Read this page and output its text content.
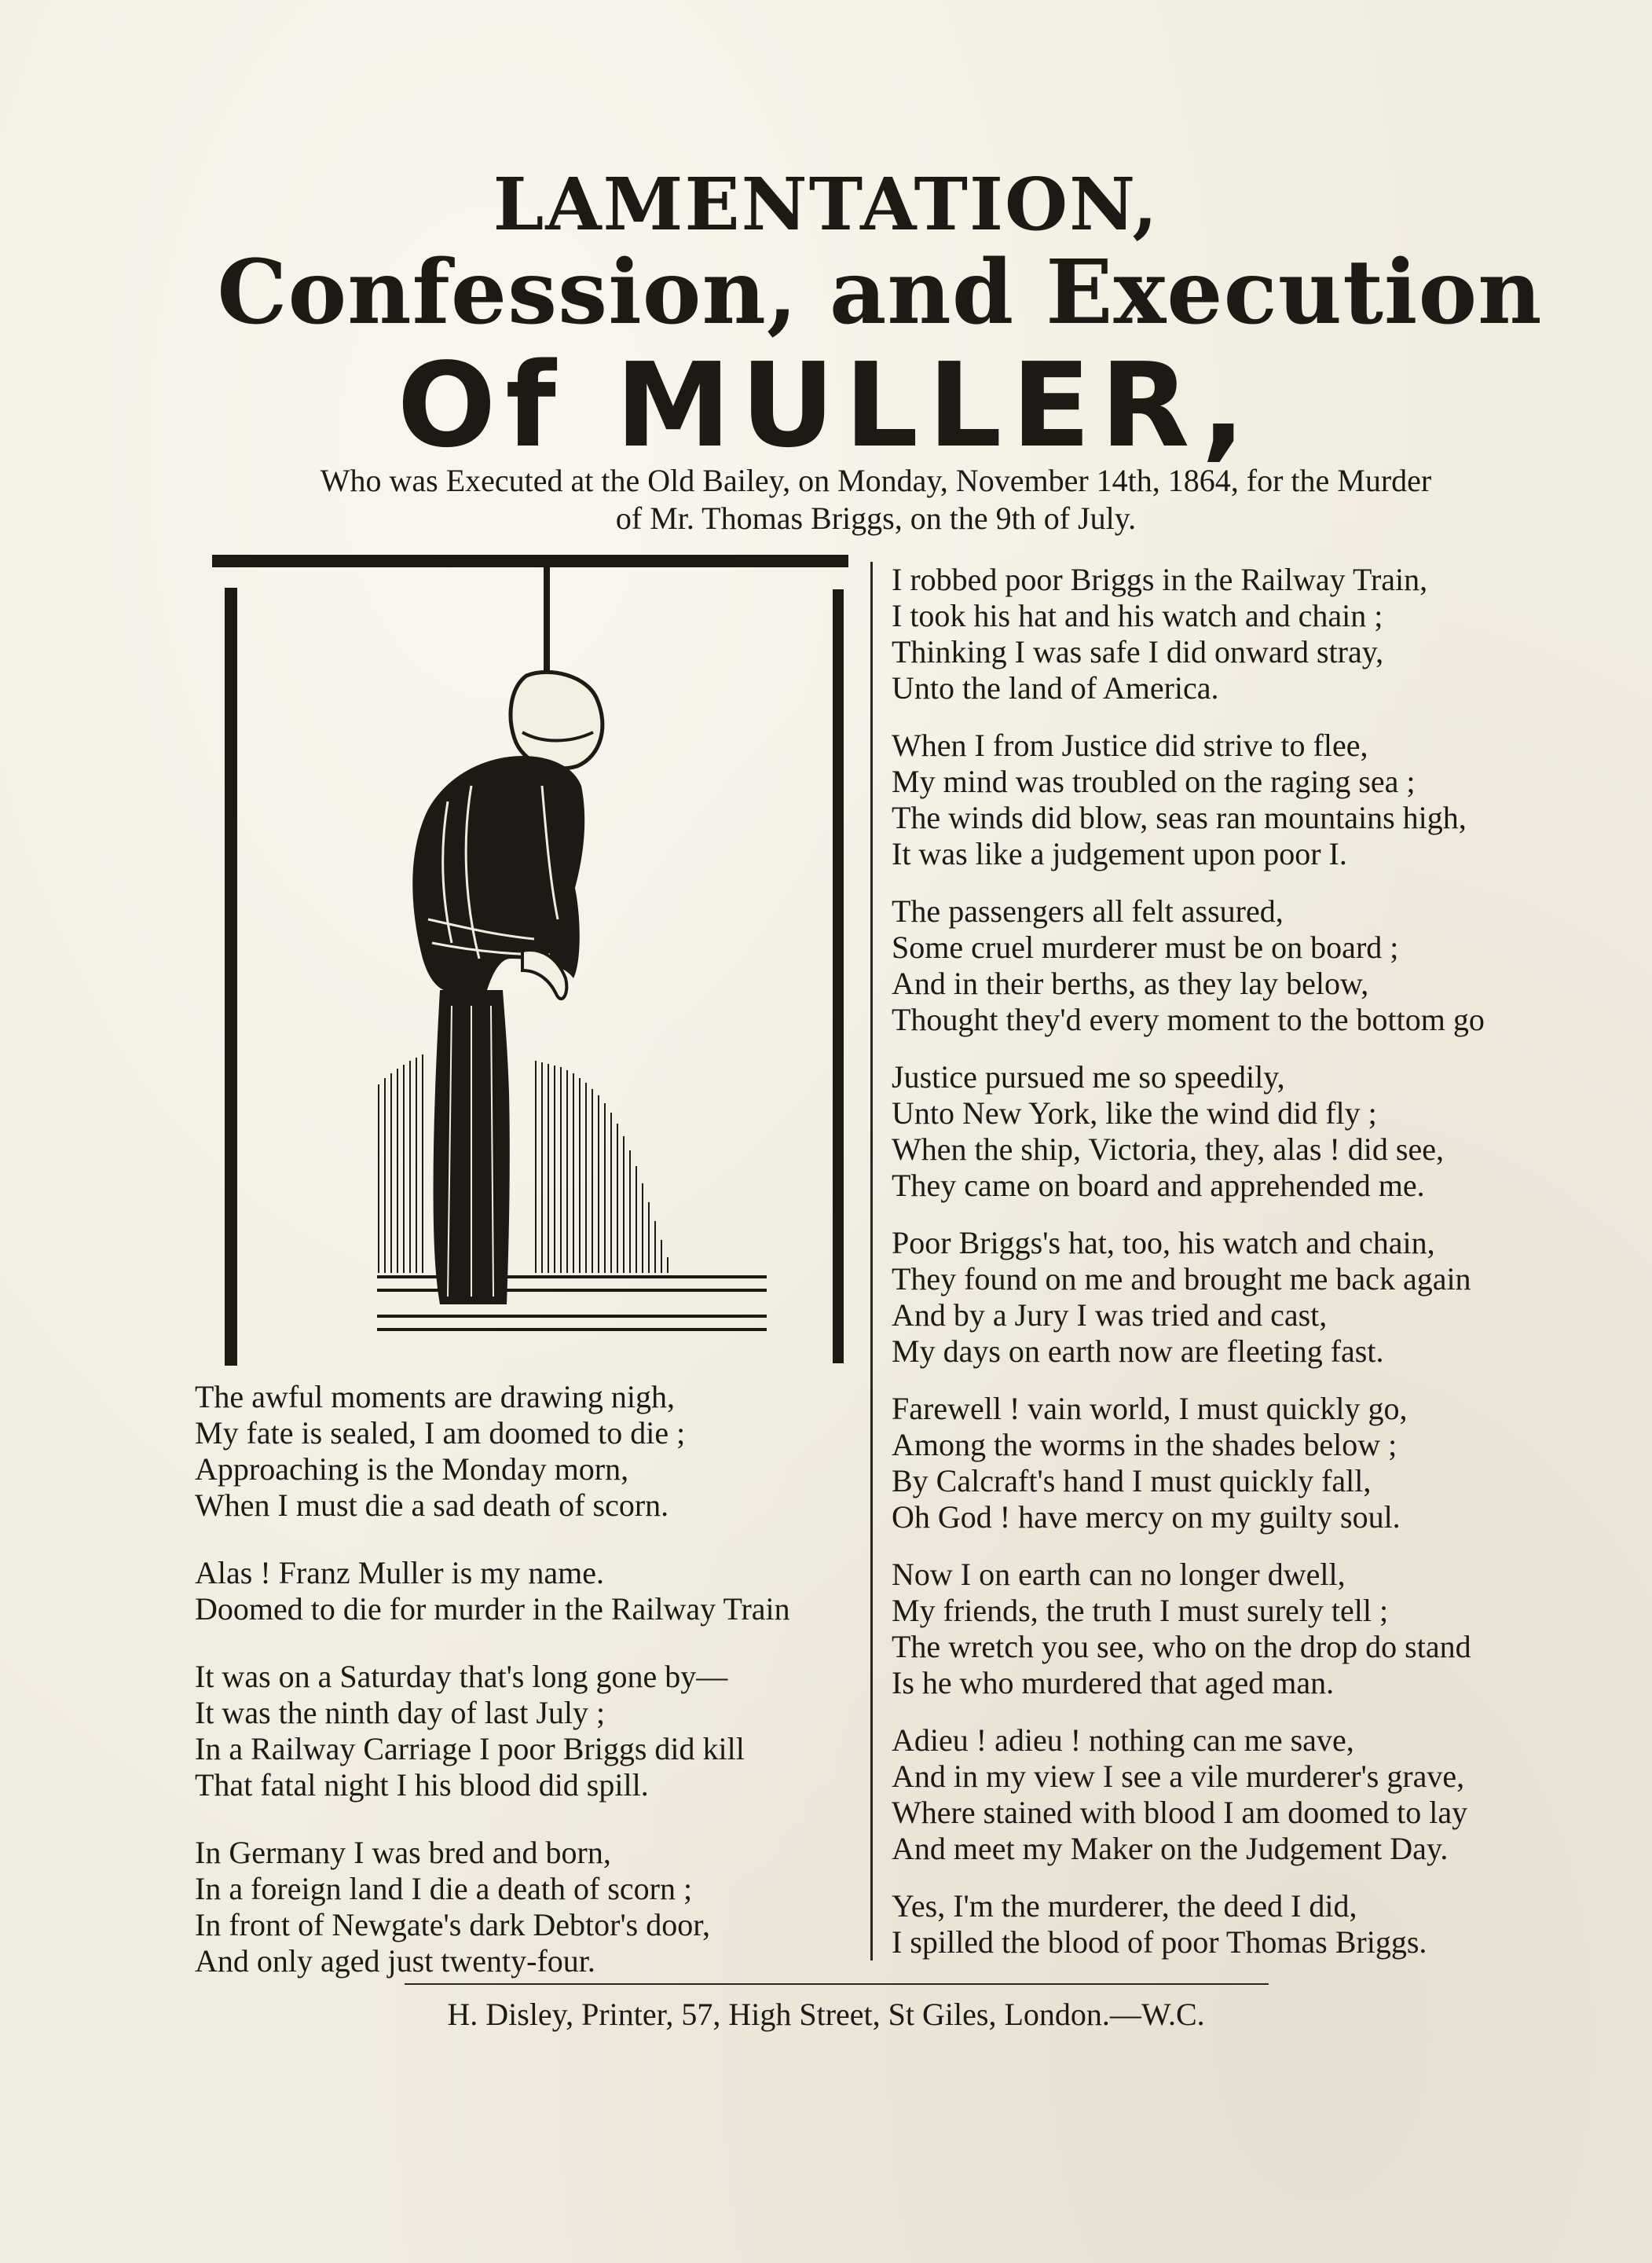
LAMENTATION,
Confession, and Execution
Of MULLER,
Who was Executed at the Old Bailey, on Monday, November 14th, 1864, for the Murder
of Mr. Thomas Briggs, on the 9th of July.
The awful moments are drawing nigh,
My fate is sealed, I am doomed to die ;
Approaching is the Monday morn,
When I must die a sad death of scorn.
Alas ! Franz Muller is my name.
Doomed to die for murder in the Railway Train
It was on a Saturday that's long gone by—
It was the ninth day of last July ;
In a Railway Carriage I poor Briggs did kill
That fatal night I his blood did spill.
In Germany I was bred and born,
In a foreign land I die a death of scorn ;
In front of Newgate's dark Debtor's door,
And only aged just twenty-four.
I robbed poor Briggs in the Railway Train,
I took his hat and his watch and chain ;
Thinking I was safe I did onward stray,
Unto the land of America.
When I from Justice did strive to flee,
My mind was troubled on the raging sea ;
The winds did blow, seas ran mountains high,
It was like a judgement upon poor I.
The passengers all felt assured,
Some cruel murderer must be on board ;
And in their berths, as they lay below,
Thought they'd every moment to the bottom go
Justice pursued me so speedily,
Unto New York, like the wind did fly ;
When the ship, Victoria, they, alas ! did see,
They came on board and apprehended me.
Poor Briggs's hat, too, his watch and chain,
They found on me and brought me back again
And by a Jury I was tried and cast,
My days on earth now are fleeting fast.
Farewell ! vain world, I must quickly go,
Among the worms in the shades below ;
By Calcraft's hand I must quickly fall,
Oh God ! have mercy on my guilty soul.
Now I on earth can no longer dwell,
My friends, the truth I must surely tell ;
The wretch you see, who on the drop do stand
Is he who murdered that aged man.
Adieu ! adieu ! nothing can me save,
And in my view I see a vile murderer's grave,
Where stained with blood I am doomed to lay
And meet my Maker on the Judgement Day.
Yes, I'm the murderer, the deed I did,
I spilled the blood of poor Thomas Briggs.
H. Disley, Printer, 57, High Street, St Giles, London.—W.C.
